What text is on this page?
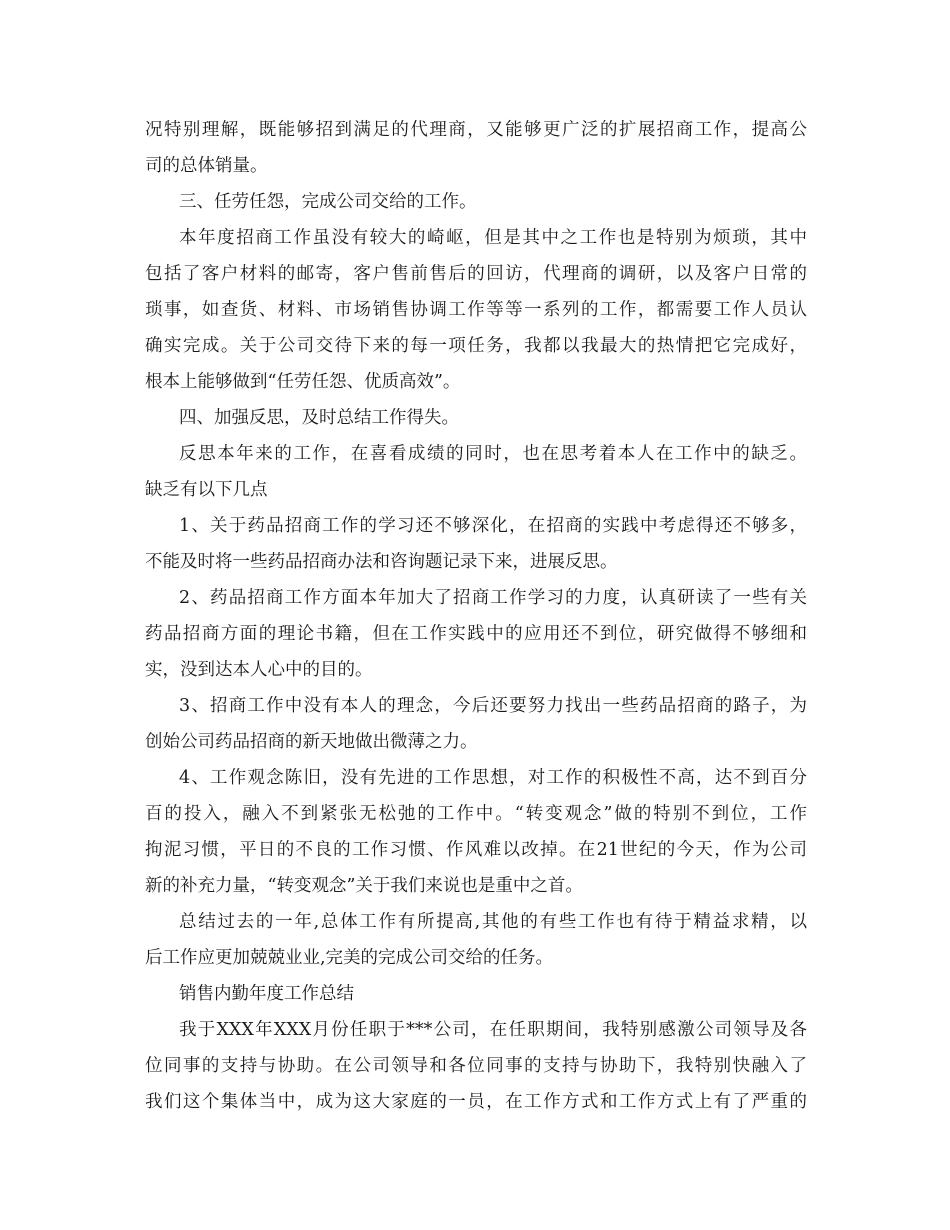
况特别理解，既能够招到满足的代理商，又能够更广泛的扩展招商工作，提高公
司的总体销量。
三、任劳任怨，完成公司交给的工作。
本年度招商工作虽没有较大的崎岖，但是其中之工作也是特别为烦琐，其中
包括了客户材料的邮寄，客户售前售后的回访，代理商的调研，以及客户日常的
琐事，如查货、材料、市场销售协调工作等等一系列的工作，都需要工作人员认
确实完成。关于公司交待下来的每一项任务，我都以我最大的热情把它完成好，
根本上能够做到“任劳任怨、优质高效”。
四、加强反思，及时总结工作得失。
反思本年来的工作，在喜看成绩的同时，也在思考着本人在工作中的缺乏。
缺乏有以下几点
1、关于药品招商工作的学习还不够深化，在招商的实践中考虑得还不够多，
不能及时将一些药品招商办法和咨询题记录下来，进展反思。
2、药品招商工作方面本年加大了招商工作学习的力度，认真研读了一些有关
药品招商方面的理论书籍，但在工作实践中的应用还不到位，研究做得不够细和
实，没到达本人心中的目的。
3、招商工作中没有本人的理念，今后还要努力找出一些药品招商的路子，为
创始公司药品招商的新天地做出微薄之力。
4、工作观念陈旧，没有先进的工作思想，对工作的积极性不高，达不到百分
百的投入，融入不到紧张无松弛的工作中。“转变观念”做的特别不到位，工作
拘泥习惯，平日的不良的工作习惯、作风难以改掉。在21世纪的今天，作为公司
新的补充力量，“转变观念”关于我们来说也是重中之首。
总结过去的一年,总体工作有所提高,其他的有些工作也有待于精益求精，以
后工作应更加兢兢业业,完美的完成公司交给的任务。
销售内勤年度工作总结
我于XXX年XXX月份任职于***公司，在任职期间，我特别感激公司领导及各
位同事的支持与协助。在公司领导和各位同事的支持与协助下，我特别快融入了
我们这个集体当中，成为这大家庭的一员，在工作方式和工作方式上有了严重的
